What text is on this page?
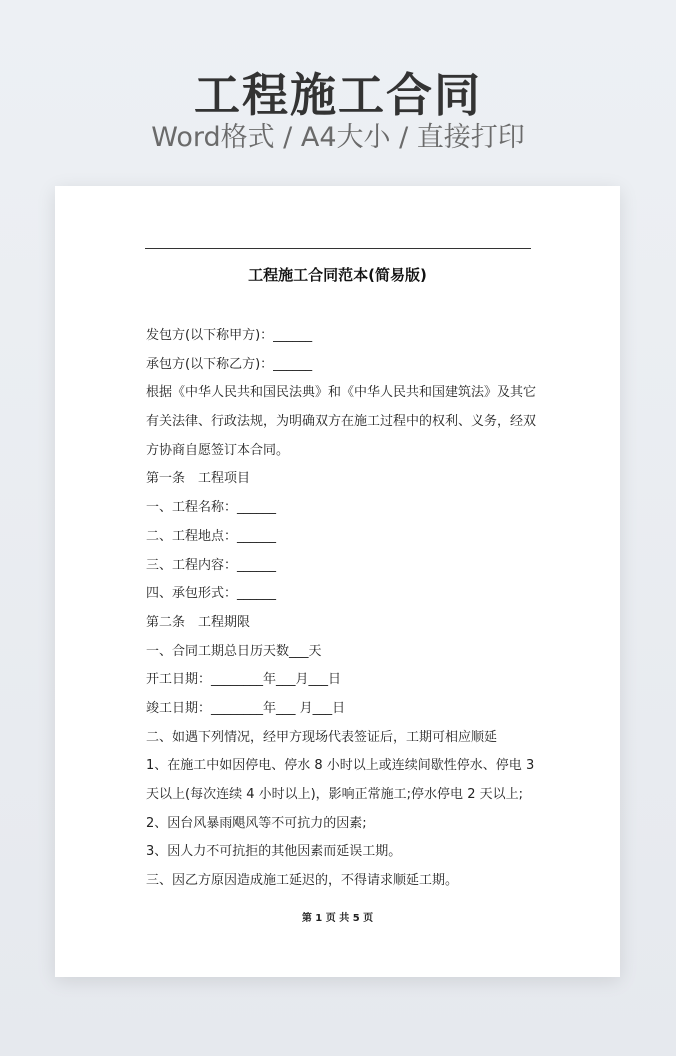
工程施工合同
Word格式 / A4大小 / 直接打印
工程施工合同范本(简易版)
发包方(以下称甲方)：______
承包方(以下称乙方)：______
根据《中华人民共和国民法典》和《中华人民共和国建筑法》及其它
有关法律、行政法规，为明确双方在施工过程中的权利、义务，经双
方协商自愿签订本合同。
第一条　工程项目
一、工程名称：______
二、工程地点：______
三、工程内容：______
四、承包形式：______
第二条　工程期限
一、合同工期总日历天数___天
开工日期：________年___月___日
竣工日期：________年___ 月___日
二、如遇下列情况，经甲方现场代表签证后，工期可相应顺延
1、在施工中如因停电、停水 8 小时以上或连续间歇性停水、停电 3
天以上(每次连续 4 小时以上)，影响正常施工;停水停电 2 天以上;
2、因台风暴雨飓风等不可抗力的因素;
3、因人力不可抗拒的其他因素而延误工期。
三、因乙方原因造成施工延迟的，不得请求顺延工期。
第 1 页 共 5 页
